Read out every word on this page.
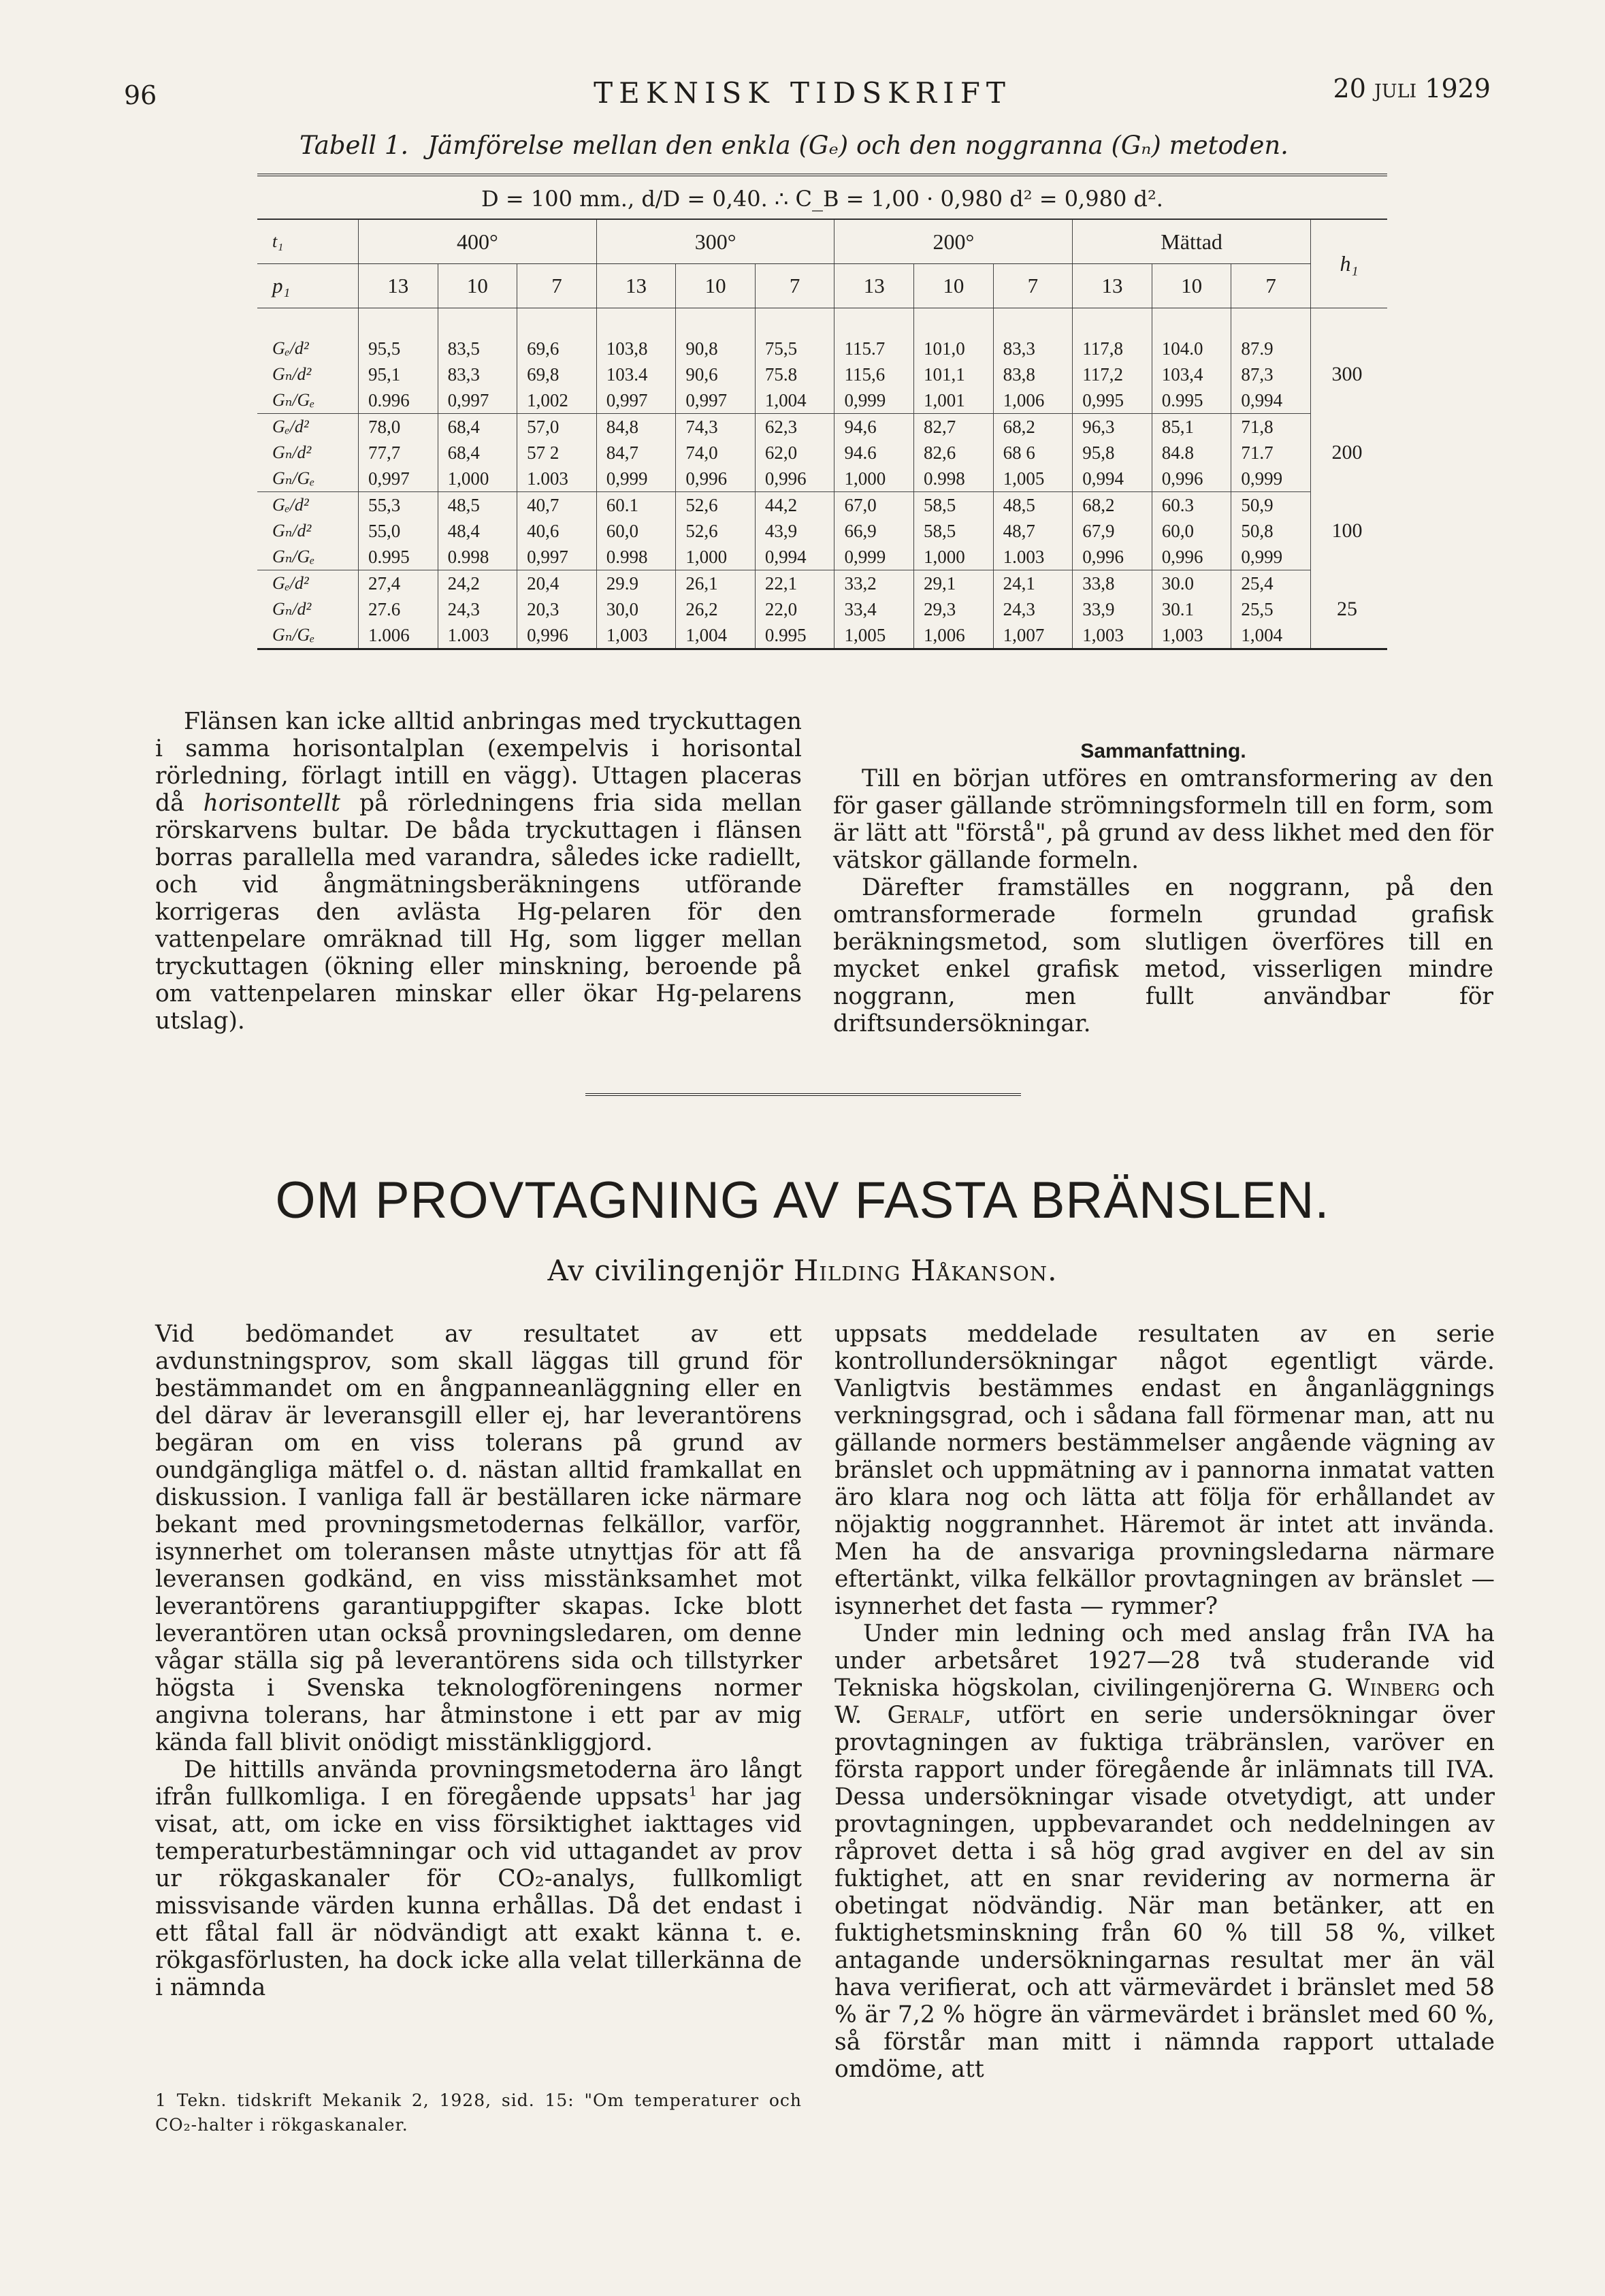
96	TEKNISK TIDSKRIFT	20 juli 1929
Tabell 1. Jämförelse mellan den enkla (Gₑ) och den noggranna (Gₙ) metoden.
D = 100 mm., d/D = 0,40. ∴ C_B = 1,00 · 0,980 d² = 0,980 d².
t₁	400°			300°			200°			Mättad			h₁
p₁	13	10	7	13	10	7	13	10	7	13	10	7	
Gₑ/d²	95,5	83,5	69,6	103,8	90,8	75,5	115.7	101,0	83,3	117,8	104.0	87.9	300
Gₙ/d²	95,1	83,3	69,8	103.4	90,6	75.8	115,6	101,1	83,8	117,2	103,4	87,3	
Gₙ/Gₑ	0.996	0,997	1,002	0,997	0,997	1,004	0,999	1,001	1,006	0,995	0.995	0,994	
Gₑ/d²	78,0	68,4	57,0	84,8	74,3	62,3	94,6	82,7	68,2	96,3	85,1	71,8	200
Gₙ/d²	77,7	68,4	57 2	84,7	74,0	62,0	94.6	82,6	68 6	95,8	84.8	71.7	
Gₙ/Gₑ	0,997	1,000	1.003	0,999	0,996	0,996	1,000	0.998	1,005	0,994	0,996	0,999	
Gₑ/d²	55,3	48,5	40,7	60.1	52,6	44,2	67,0	58,5	48,5	68,2	60.3	50,9	100
Gₙ/d²	55,0	48,4	40,6	60,0	52,6	43,9	66,9	58,5	48,7	67,9	60,0	50,8	
Gₙ/Gₑ	0.995	0.998	0,997	0.998	1,000	0,994	0,999	1,000	1.003	0,996	0,996	0,999	
Gₑ/d²	27,4	24,2	20,4	29.9	26,1	22,1	33,2	29,1	24,1	33,8	30.0	25,4	25
Gₙ/d²	27.6	24,3	20,3	30,0	26,2	22,0	33,4	29,3	24,3	33,9	30.1	25,5	
Gₙ/Gₑ	1.006	1.003	0,996	1,003	1,004	0.995	1,005	1,006	1,007	1,003	1,003	1,004	

Flänsen kan icke alltid anbringas med tryckuttagen i samma horisontalplan (exempelvis i horisontal rörledning, förlagt intill en vägg). Uttagen placeras då horisontellt på rörledningens fria sida mellan rörskarvens bultar. De båda tryckuttagen i flänsen borras parallella med varandra, således icke radiellt, och vid ångmätningsberäkningens utförande korrigeras den avlästa Hg-pelaren för den vattenpelare omräknad till Hg, som ligger mellan tryckuttagen (ökning eller minskning, beroende på om vattenpelaren minskar eller ökar Hg-pelarens utslag).

Sammanfattning.

Till en början utföres en omtransformering av den för gaser gällande strömningsformeln till en form, som är lätt att "förstå", på grund av dess likhet med den för vätskor gällande formeln.

Därefter framställes en noggrann, på den omtransformerade formeln grundad grafisk beräkningsmetod, som slutligen överföres till en mycket enkel grafisk metod, visserligen mindre noggrann, men fullt användbar för driftsundersökningar.

OM PROVTAGNING AV FASTA BRÄNSLEN.
Av civilingenjör Hilding Håkanson.

Vid bedömandet av resultatet av ett avdunstningsprov, som skall läggas till grund för bestämmandet om en ångpanneanläggning eller en del därav är leveransgill eller ej, har leverantörens begäran om en viss tolerans på grund av oundgängliga mätfel o. d. nästan alltid framkallat en diskussion. I vanliga fall är beställaren icke närmare bekant med provningsmetodernas felkällor, varför, isynnerhet om toleransen måste utnyttjas för att få leveransen godkänd, en viss misstänksamhet mot leverantörens garantiuppgifter skapas. Icke blott leverantören utan också provningsledaren, om denne vågar ställa sig på leverantörens sida och tillstyrker högsta i Svenska teknologföreningens normer angivna tolerans, har åtminstone i ett par av mig kända fall blivit onödigt misstänkliggjord.

De hittills använda provningsmetoderna äro långt ifrån fullkomliga. I en föregående uppsats$^1$ har jag visat, att, om icke en viss försiktighet iakttages vid temperaturbestämningar och vid uttagandet av prov ur rökgaskanaler för CO₂-analys, fullkomligt missvisande värden kunna erhållas. Då det endast i ett fåtal fall är nödvändigt att exakt känna t. e. rökgasförlusten, ha dock icke alla velat tillerkänna de i nämnda

uppsats meddelade resultaten av en serie kontrollundersökningar något egentligt värde. Vanligtvis bestämmes endast en ånganläggnings verkningsgrad, och i sådana fall förmenar man, att nu gällande normers bestämmelser angående vägning av bränslet och uppmätning av i pannorna inmatat vatten äro klara nog och lätta att följa för erhållandet av nöjaktig noggrannhet. Häremot är intet att invända. Men ha de ansvariga provningsledarna närmare eftertänkt, vilka felkällor provtagningen av bränslet — isynnerhet det fasta — rymmer?

Under min ledning och med anslag från IVA ha under arbetsåret 1927—28 två studerande vid Tekniska högskolan, civilingenjörerna G. Winberg och W. Geralf, utfört en serie undersökningar över provtagningen av fuktiga träbränslen, varöver en första rapport under föregående år inlämnats till IVA. Dessa undersökningar visade otvetydigt, att under provtagningen, uppbevarandet och neddelningen av råprovet detta i så hög grad avgiver en del av sin fuktighet, att en snar revidering av normerna är obetingat nödvändig. När man betänker, att en fuktighetsminskning från 60 % till 58 %, vilket antagande undersökningarnas resultat mer än väl hava verifierat, och att värmevärdet i bränslet med 58 % är 7,2 % högre än värmevärdet i bränslet med 60 %, så förstår man mitt i nämnda rapport uttalade omdöme, att

1 Tekn. tidskrift Mekanik 2, 1928, sid. 15: "Om temperaturer och CO₂-halter i rökgaskanaler.
